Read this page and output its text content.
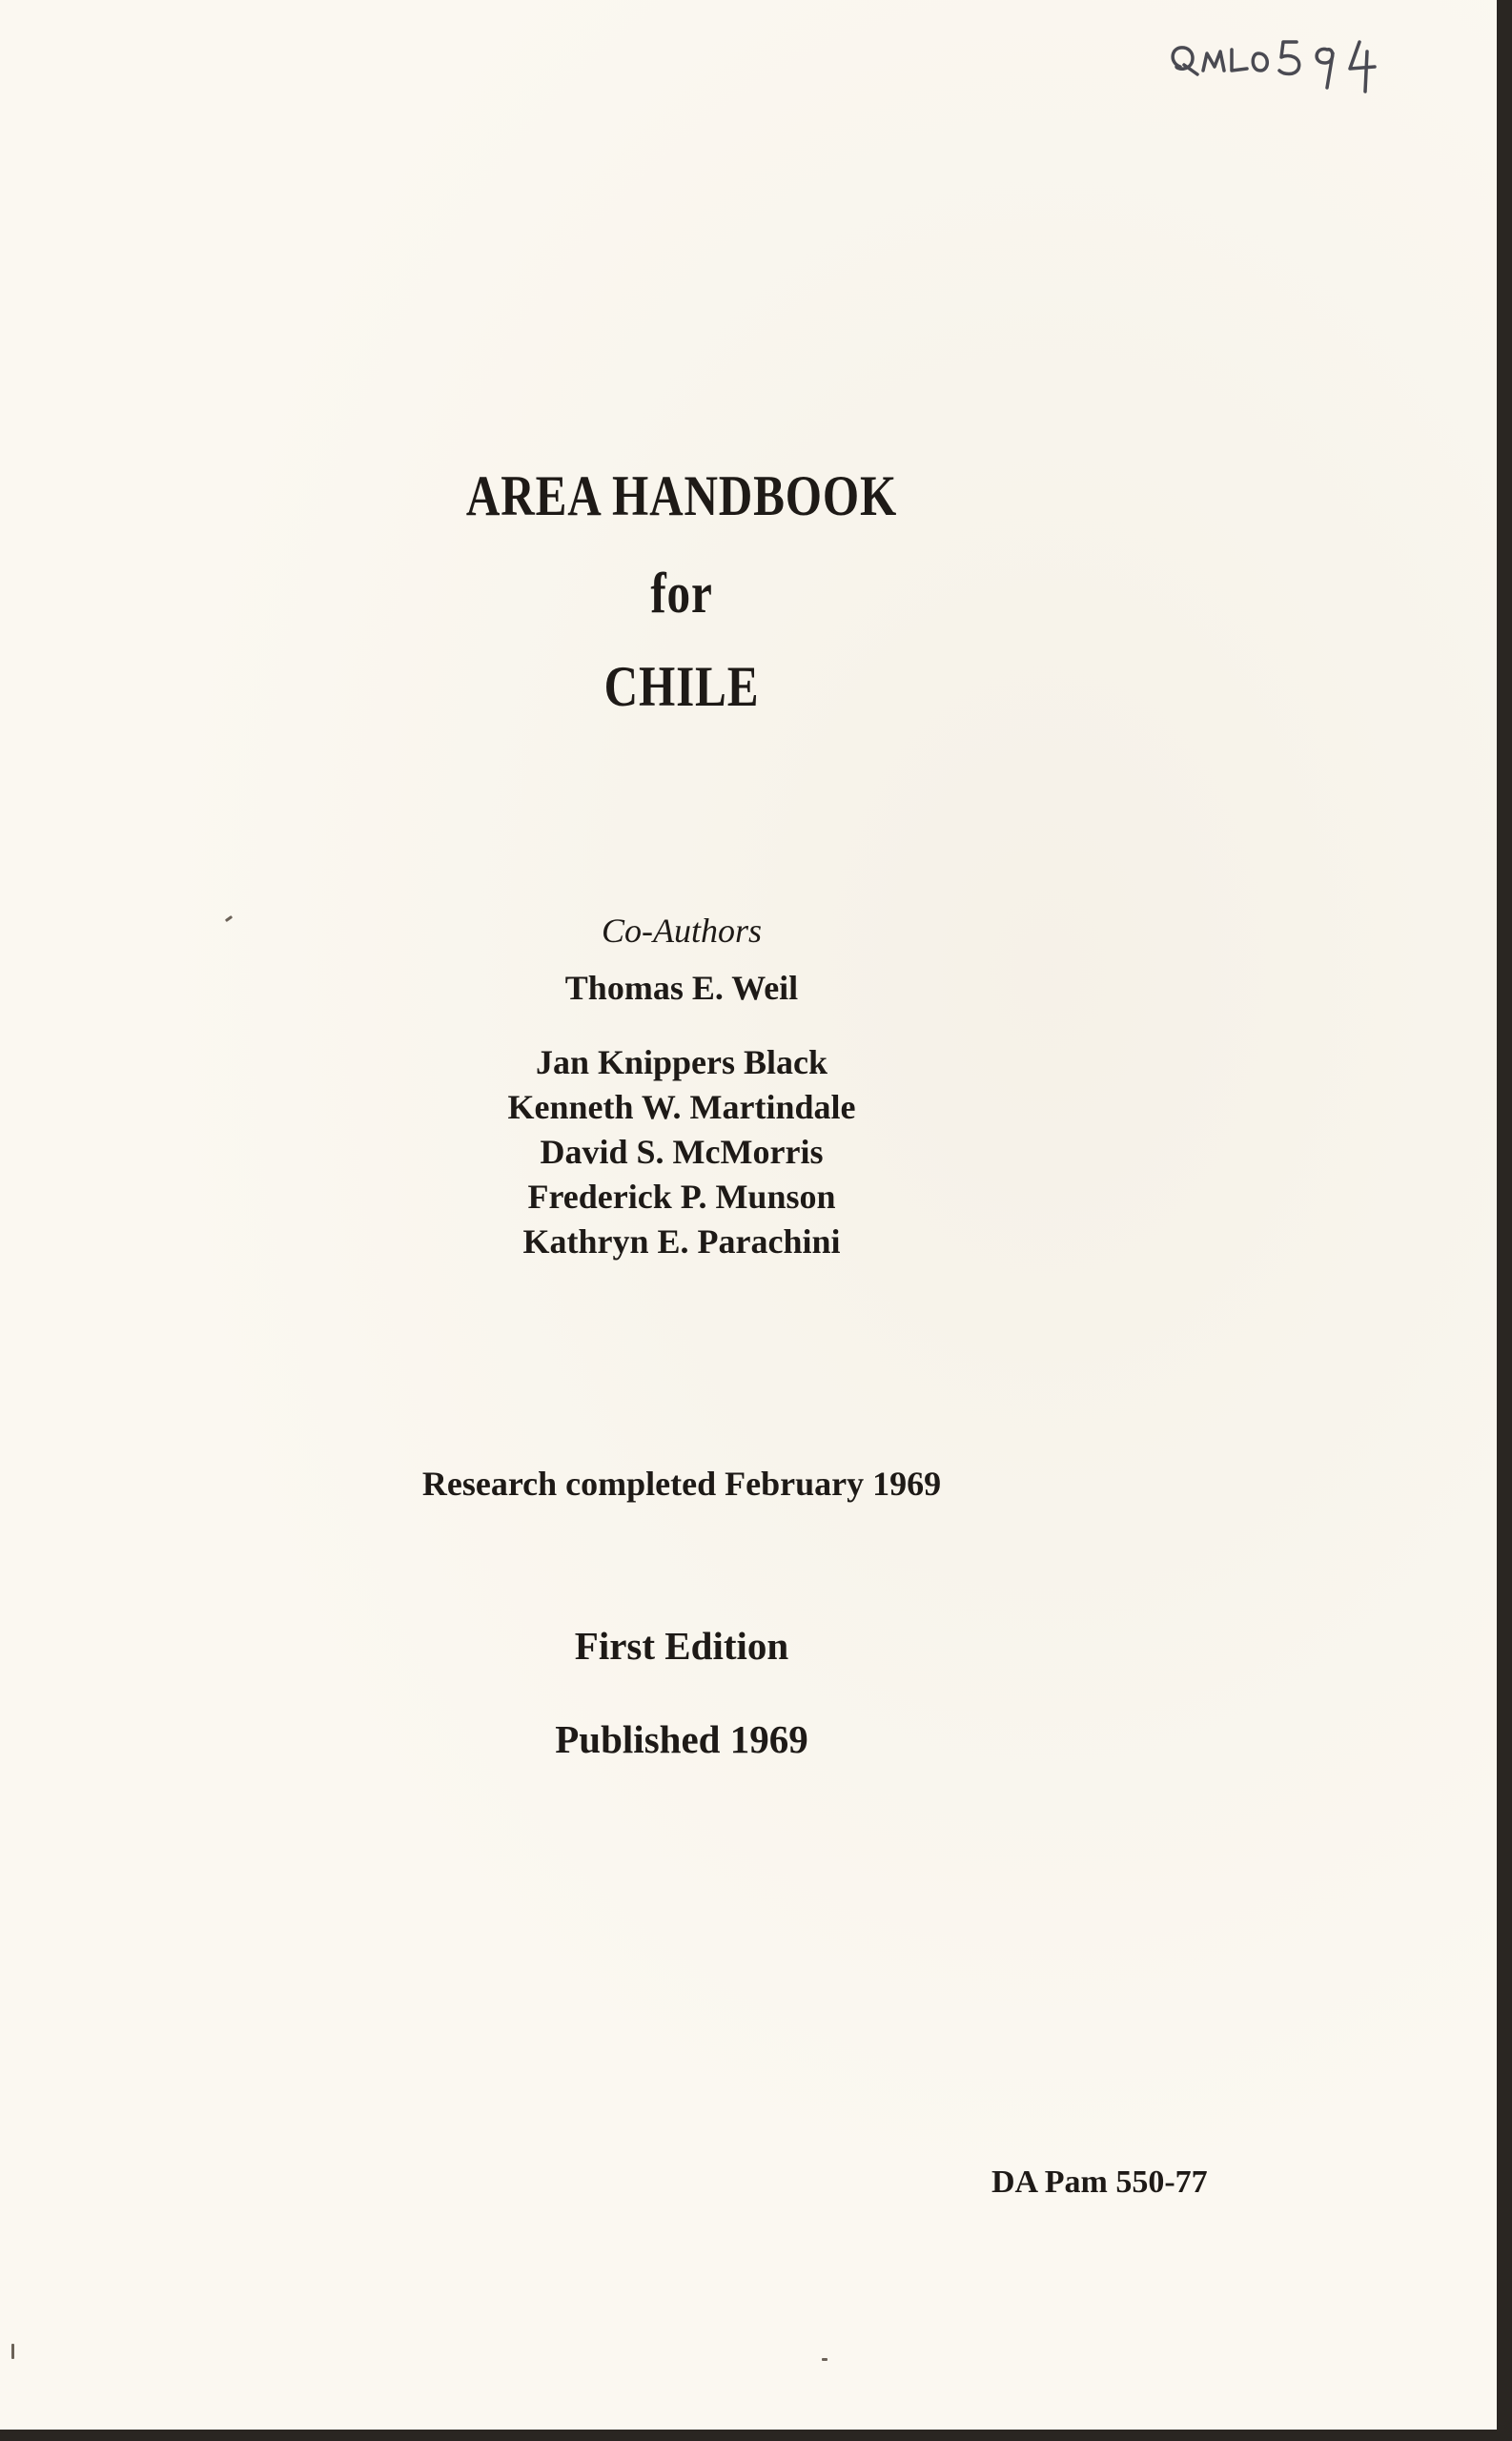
AREA HANDBOOK
for
CHILE
Co-Authors
Thomas E. Weil
Jan Knippers Black
Kenneth W. Martindale
David S. McMorris
Frederick P. Munson
Kathryn E. Parachini
Research completed February 1969
First Edition
Published 1969
DA Pam 550-77
